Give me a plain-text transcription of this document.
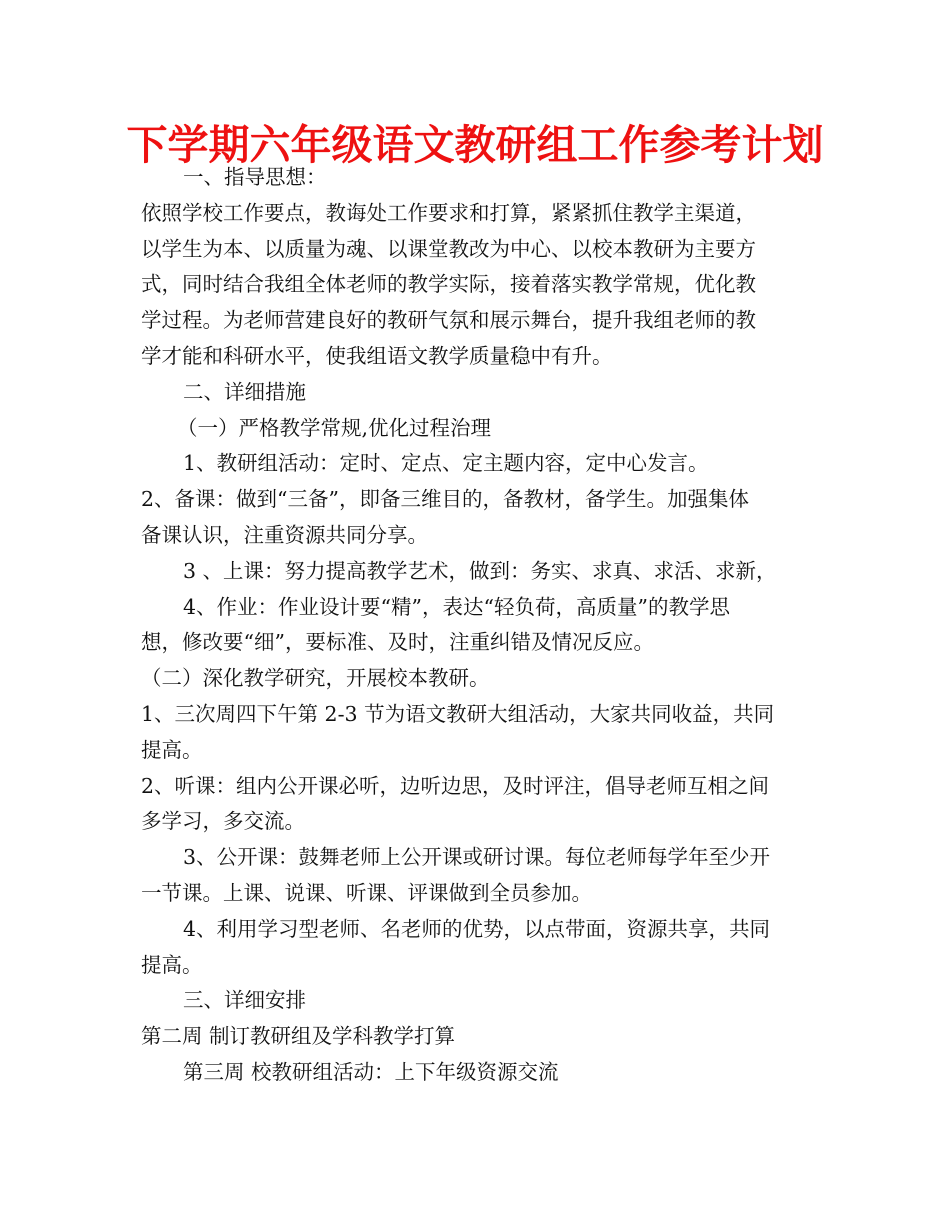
下学期六年级语文教研组工作参考计划
一、指导思想：
依照学校工作要点，教诲处工作要求和打算，紧紧抓住教学主渠道，
以学生为本、以质量为魂、以课堂教改为中心、以校本教研为主要方
式，同时结合我组全体老师的教学实际，接着落实教学常规，优化教
学过程。为老师营建良好的教研气氛和展示舞台，提升我组老师的教
学才能和科研水平，使我组语文教学质量稳中有升。
二、详细措施
（一）严格教学常规,优化过程治理
1、教研组活动：定时、定点、定主题内容，定中心发言。
2、备课：做到“三备”，即备三维目的，备教材，备学生。加强集体
备课认识，注重资源共同分享。
3 、上课：努力提高教学艺术，做到：务实、求真、求活、求新，
4、作业：作业设计要“精”，表达“轻负荷，高质量”的教学思
想，修改要“细”，要标准、及时，注重纠错及情况反应。
（二）深化教学研究，开展校本教研。
1、三次周四下午第 2-3 节为语文教研大组活动，大家共同收益，共同
提高。
2、听课：组内公开课必听，边听边思，及时评注，倡导老师互相之间
多学习，多交流。
3、公开课：鼓舞老师上公开课或研讨课。每位老师每学年至少开
一节课。上课、说课、听课、评课做到全员参加。
4、利用学习型老师、名老师的优势，以点带面，资源共享，共同
提高。
三、详细安排
第二周 制订教研组及学科教学打算
第三周 校教研组活动：上下年级资源交流
